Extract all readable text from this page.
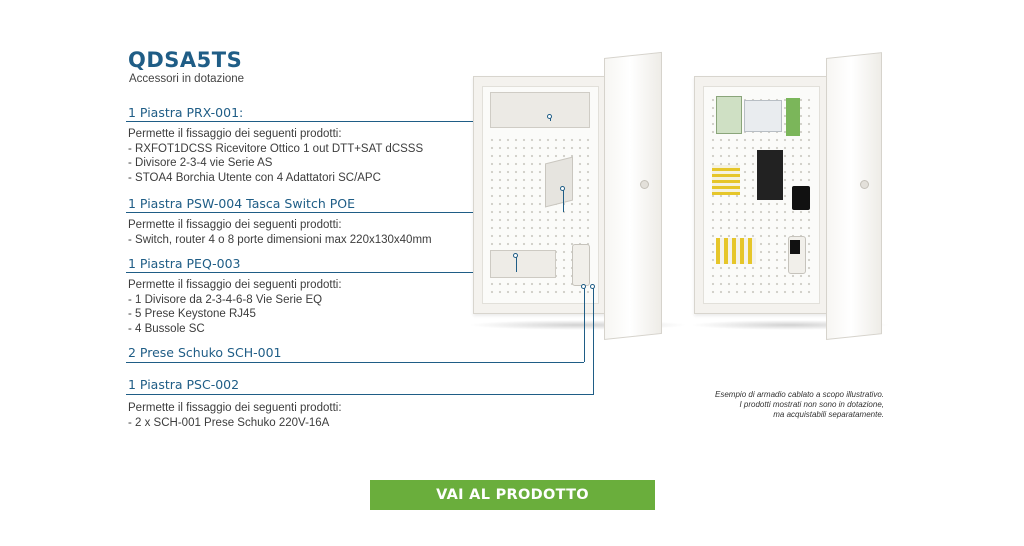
QDSA5TS
Accessori in dotazione
1 Piastra PRX-001:
Permette il fissaggio dei seguenti prodotti:
- RXFOT1DCSS Ricevitore Ottico 1 out DTT+SAT dCSSS
- Divisore 2-3-4 vie Serie AS
- STOA4 Borchia Utente con 4 Adattatori SC/APC
1 Piastra PSW-004 Tasca Switch POE
Permette il fissaggio dei seguenti prodotti:
- Switch, router 4 o 8 porte dimensioni max 220x130x40mm
1 Piastra PEQ-003
Permette il fissaggio dei seguenti prodotti:
- 1 Divisore da 2-3-4-6-8 Vie Serie EQ
- 5 Prese Keystone RJ45
- 4 Bussole SC
2 Prese Schuko SCH-001
1 Piastra PSC-002
Permette il fissaggio dei seguenti prodotti:
- 2 x SCH-001 Prese Schuko 220V-16A
Esempio di armadio cablato a scopo illustrativo.
I prodotti mostrati non sono in dotazione,
ma acquistabili separatamente.
VAI AL PRODOTTO
